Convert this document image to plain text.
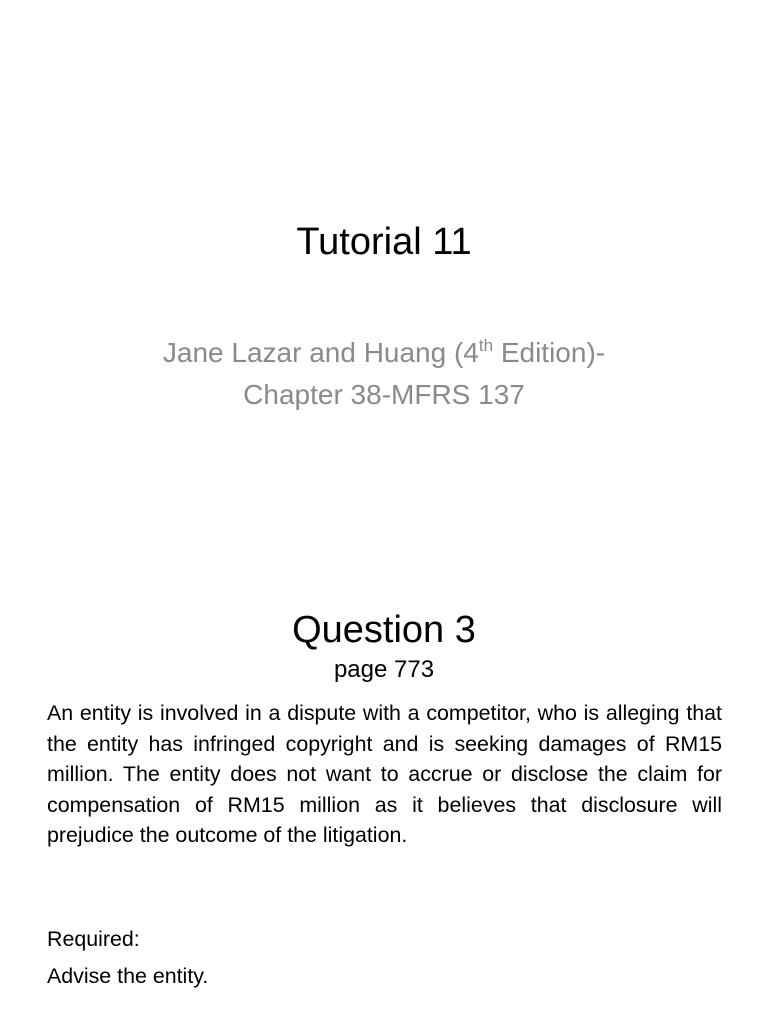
Tutorial 11
Jane Lazar and Huang (4th Edition)-
Chapter 38-MFRS 137
Question 3

page 773

An entity is involved in a dispute with a competitor, who is alleging that the entity has infringed copyright and is seeking damages of RM15 million. The entity does not want to accrue or disclose the claim for compensation of RM15 million as it believes that disclosure will prejudice the outcome of the litigation.

Required:

Advise the entity.
